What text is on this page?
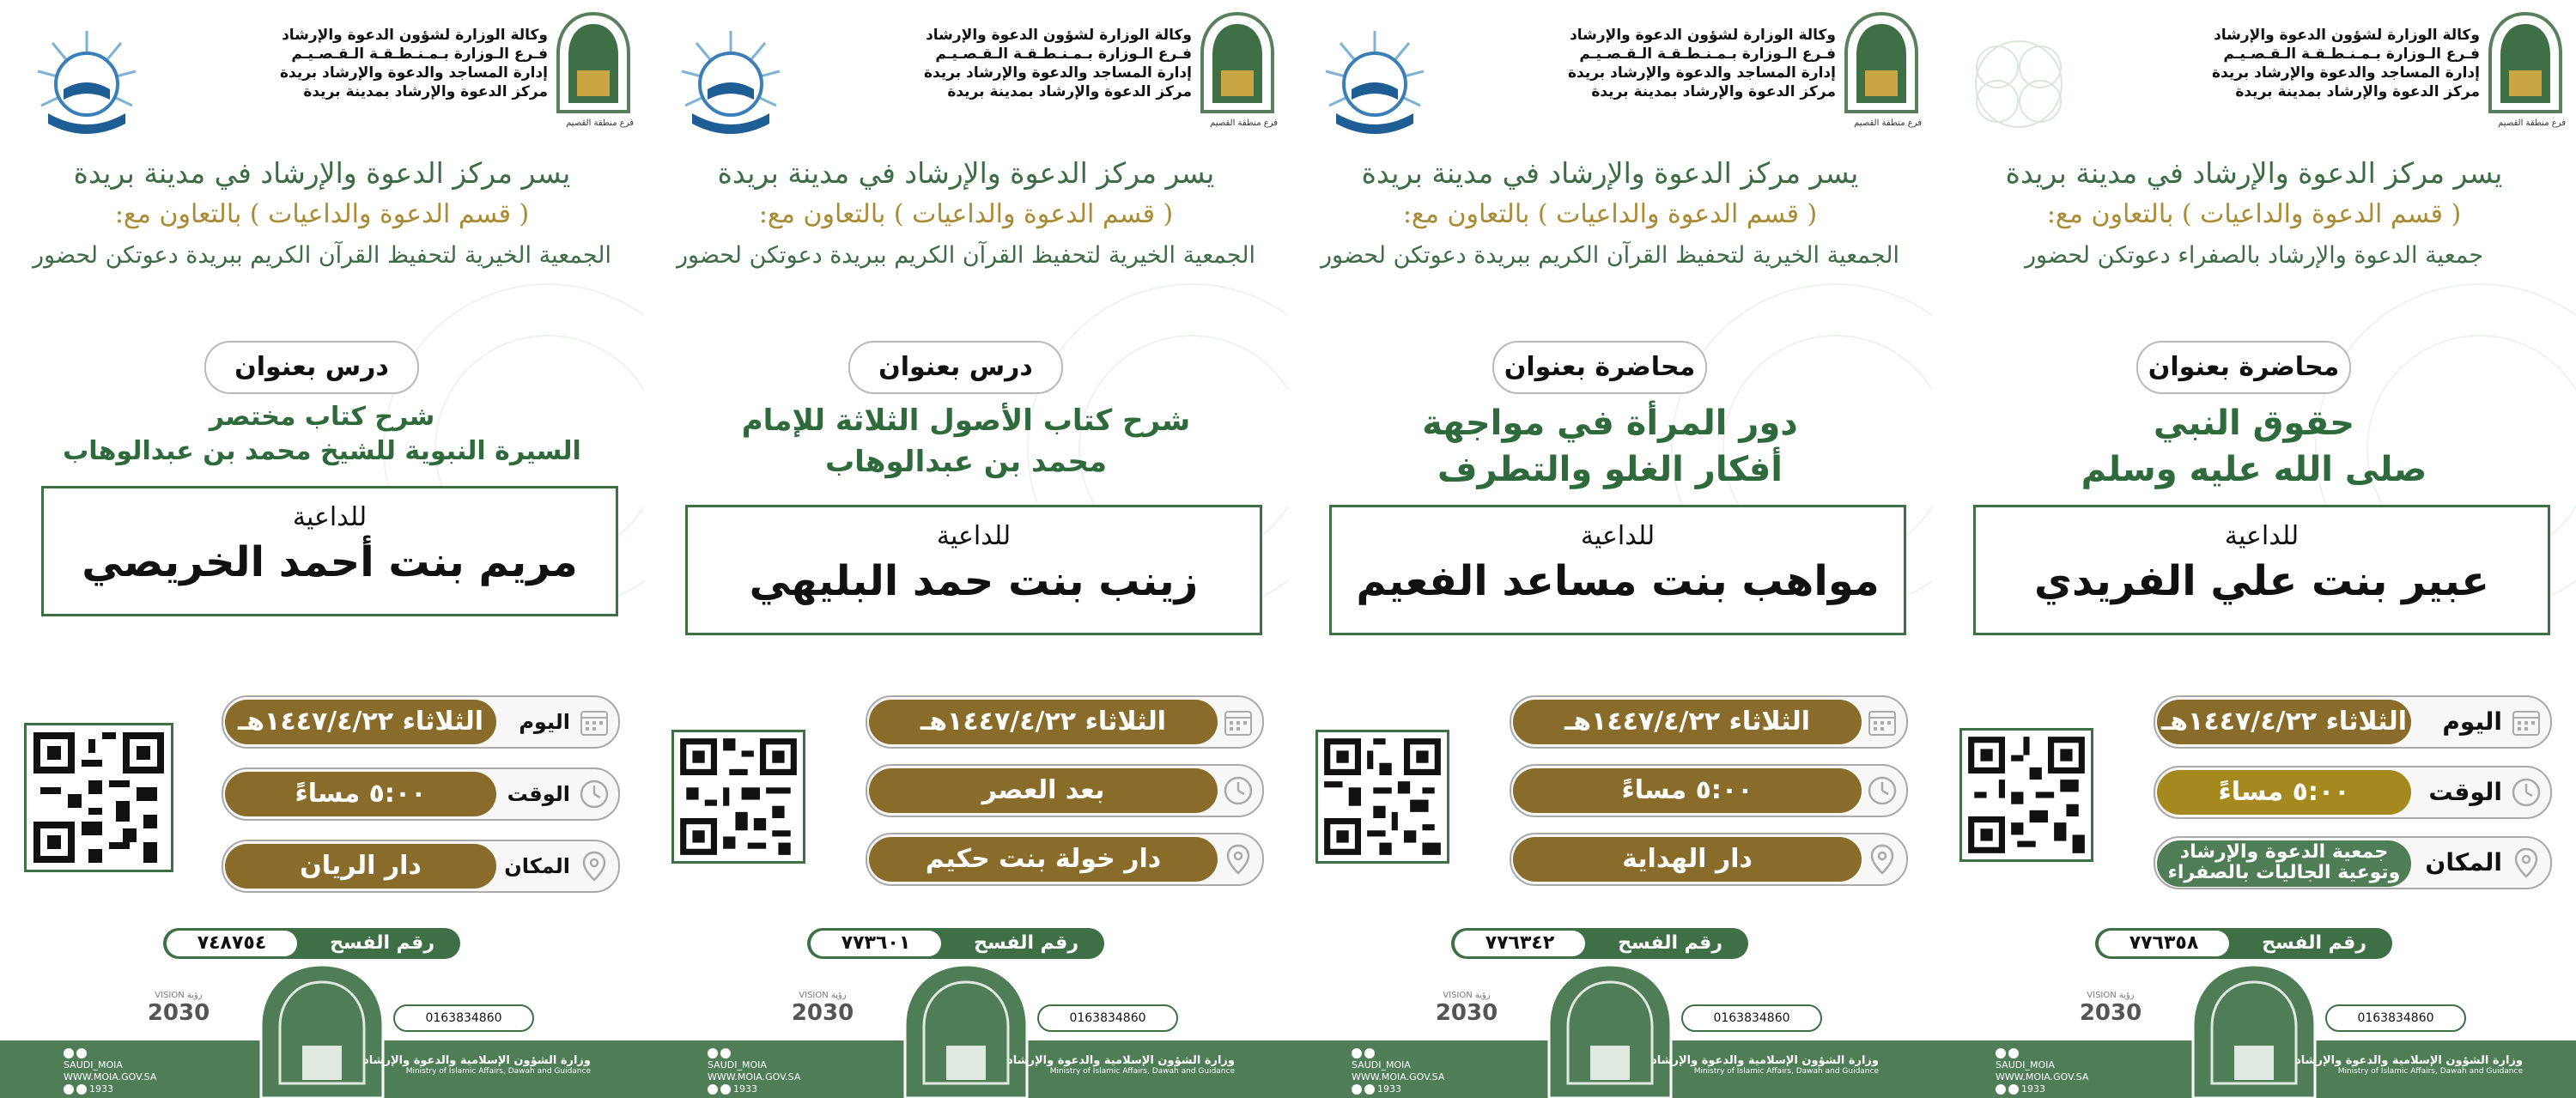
وكالة الوزارة لشؤون الدعوة والإرشاد
فـرع الـوزارة بـمـنـطـقـة الـقـصـيـم
إدارة المساجد والدعوة والإرشاد بريدة
مركز الدعوة والإرشاد بمدينة بريدة
فرع منطقة القصيم
يسر مركز الدعوة والإرشاد في مدينة بريدة
( قسم الدعوة والداعيات ) بالتعاون مع:
الجمعية الخيرية لتحفيظ القرآن الكريم ببريدة دعوتكن لحضور
درس بعنوان
شرح كتاب مختصر
السيرة النبوية للشيخ محمد بن عبدالوهاب
للداعية
مريم بنت أحمد الخريصي
الثلاثاء ١٤٤٧/٤/٢٢هـ	اليوم
٥:٠٠ مساءً	الوقت
دار الريان	المكان
رقم الفسح
٧٤٨٧٥٤
0163834860
VISION رؤية
2030
SAUDI_MOIA
WWW.MOIA.GOV.SA
1933
وزارة الشؤون الإسلامية والدعوة والإرشاد
Ministry of Islamic Affairs, Dawah and Guidance
وكالة الوزارة لشؤون الدعوة والإرشاد
فـرع الـوزارة بـمـنـطـقـة الـقـصـيـم
إدارة المساجد والدعوة والإرشاد بريدة
مركز الدعوة والإرشاد بمدينة بريدة
فرع منطقة القصيم
يسر مركز الدعوة والإرشاد في مدينة بريدة
( قسم الدعوة والداعيات ) بالتعاون مع:
الجمعية الخيرية لتحفيظ القرآن الكريم ببريدة دعوتكن لحضور
درس بعنوان
شرح كتاب الأصول الثلاثة للإمام
محمد بن عبدالوهاب
للداعية
زينب بنت حمد البليهي
الثلاثاء ١٤٤٧/٤/٢٢هـ
بعد العصر
دار خولة بنت حكيم
رقم الفسح
٧٧٣٦٠١
0163834860
VISION رؤية
2030
SAUDI_MOIA
WWW.MOIA.GOV.SA
1933
وزارة الشؤون الإسلامية والدعوة والإرشاد
Ministry of Islamic Affairs, Dawah and Guidance
وكالة الوزارة لشؤون الدعوة والإرشاد
فـرع الـوزارة بـمـنـطـقـة الـقـصـيـم
إدارة المساجد والدعوة والإرشاد بريدة
مركز الدعوة والإرشاد بمدينة بريدة
فرع منطقة القصيم
يسر مركز الدعوة والإرشاد في مدينة بريدة
( قسم الدعوة والداعيات ) بالتعاون مع:
الجمعية الخيرية لتحفيظ القرآن الكريم ببريدة دعوتكن لحضور
محاضرة بعنوان
دور المرأة في مواجهة
أفكار الغلو والتطرف
للداعية
مواهب بنت مساعد الفعيم
الثلاثاء ١٤٤٧/٤/٢٢هـ
٥:٠٠ مساءً
دار الهداية
رقم الفسح
٧٧٦٣٤٢
0163834860
VISION رؤية
2030
SAUDI_MOIA
WWW.MOIA.GOV.SA
1933
وزارة الشؤون الإسلامية والدعوة والإرشاد
Ministry of Islamic Affairs, Dawah and Guidance
وكالة الوزارة لشؤون الدعوة والإرشاد
فـرع الـوزارة بـمـنـطـقـة الـقـصـيـم
إدارة المساجد والدعوة والإرشاد بريدة
مركز الدعوة والإرشاد بمدينة بريدة
فرع منطقة القصيم
يسر مركز الدعوة والإرشاد في مدينة بريدة
( قسم الدعوة والداعيات ) بالتعاون مع:
جمعية الدعوة والإرشاد بالصفراء دعوتكن لحضور
محاضرة بعنوان
حقوق النبي
صلى الله عليه وسلم
للداعية
عبير بنت علي الفريدي
الثلاثاء ١٤٤٧/٤/٢٢هـ اليوم
٥:٠٠ مساءً	الوقت
جمعية الدعوة والإرشاد
وتوعية الجاليات بالصفراء	المكان
رقم الفسح
٧٧٦٣٥٨
0163834860
VISION رؤية
2030
SAUDI_MOIA
WWW.MOIA.GOV.SA
1933
وزارة الشؤون الإسلامية والدعوة والإرشاد
Ministry of Islamic Affairs, Dawah and Guidance
